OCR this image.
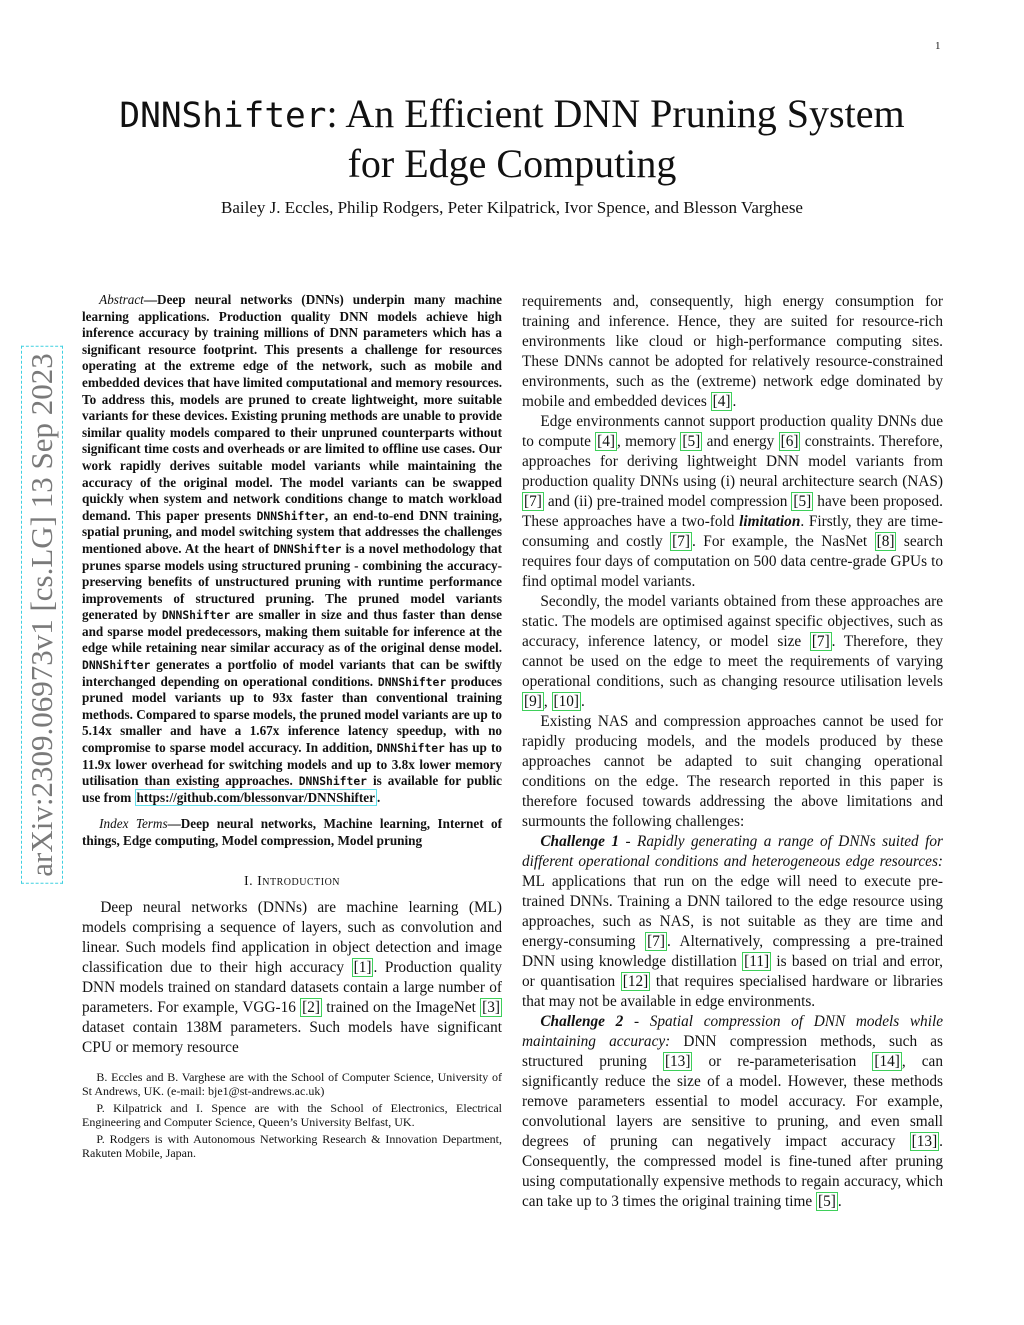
1
DNNShifter: An Efficient DNN Pruning System
for Edge Computing
Bailey J. Eccles, Philip Rodgers, Peter Kilpatrick, Ivor Spence, and Blesson Varghese
arXiv:2309.06973v1 [cs.LG] 13 Sep 2023

Abstract—Deep neural networks (DNNs) underpin many machine learning applications. Production quality DNN models achieve high inference accuracy by training millions of DNN parameters which has a significant resource footprint. This presents a challenge for resources operating at the extreme edge of the network, such as mobile and embedded devices that have limited computational and memory resources. To address this, models are pruned to create lightweight, more suitable variants for these devices. Existing pruning methods are unable to provide similar quality models compared to their unpruned counterparts without significant time costs and overheads or are limited to offline use cases. Our work rapidly derives suitable model variants while maintaining the accuracy of the original model. The model variants can be swapped quickly when system and network conditions change to match workload demand. This paper presents DNNShifter, an end-to-end DNN training, spatial pruning, and model switching system that addresses the challenges mentioned above. At the heart of DNNShifter is a novel methodology that prunes sparse models using structured pruning - combining the accuracy-preserving benefits of unstructured pruning with runtime performance improvements of structured pruning. The pruned model variants generated by DNNShifter are smaller in size and thus faster than dense and sparse model predecessors, making them suitable for inference at the edge while retaining near similar accuracy as of the original dense model. DNNShifter generates a portfolio of model variants that can be swiftly interchanged depending on operational conditions. DNNShifter produces pruned model variants up to 93x faster than conventional training methods. Compared to sparse models, the pruned model variants are up to 5.14x smaller and have a 1.67x inference latency speedup, with no compromise to sparse model accuracy. In addition, DNNShifter has up to 11.9x lower overhead for switching models and up to 3.8x lower memory utilisation than existing approaches. DNNShifter is available for public use from https://github.com/blessonvar/DNNShifter .

Index Terms—Deep neural networks, Machine learning, Internet of things, Edge computing, Model compression, Model pruning

I. Introduction

Deep neural networks (DNNs) are machine learning (ML) models comprising a sequence of layers, such as convolution and linear. Such models find application in object detection and image classification due to their high accuracy [1] . Production quality DNN models trained on standard datasets contain a large number of parameters. For example, VGG-16 [2] trained on the ImageNet [3] dataset contain 138M parameters. Such models have significant CPU or memory resource

B. Eccles and B. Varghese are with the School of Computer Science, University of St Andrews, UK. (e-mail: bje1@st-andrews.ac.uk)

P. Kilpatrick and I. Spence are with the School of Electronics, Electrical Engineering and Computer Science, Queen’s University Belfast, UK.

P. Rodgers is with Autonomous Networking Research & Innovation Department, Rakuten Mobile, Japan.

requirements and, consequently, high energy consumption for training and inference. Hence, they are suited for resource-rich environments like cloud or high-performance computing sites. These DNNs cannot be adopted for relatively resource-constrained environments, such as the (extreme) network edge dominated by mobile and embedded devices [4] .

Edge environments cannot support production quality DNNs due to compute [4] , memory [5] and energy [6] constraints. Therefore, approaches for deriving lightweight DNN model variants from production quality DNNs using (i) neural architecture search (NAS) [7] and (ii) pre-trained model compression [5] have been proposed. These approaches have a two-fold limitation. Firstly, they are time-consuming and costly [7] . For example, the NasNet [8] search requires four days of computation on 500 data centre-grade GPUs to find optimal model variants.

Secondly, the model variants obtained from these approaches are static. The models are optimised against specific objectives, such as accuracy, inference latency, or model size [7] . Therefore, they cannot be used on the edge to meet the requirements of varying operational conditions, such as changing resource utilisation levels [9] , [10] .

Existing NAS and compression approaches cannot be used for rapidly producing models, and the models produced by these approaches cannot be adapted to suit changing operational conditions on the edge. The research reported in this paper is therefore focused towards addressing the above limitations and surmounts the following challenges:

Challenge 1 - Rapidly generating a range of DNNs suited for different operational conditions and heterogeneous edge resources: ML applications that run on the edge will need to execute pre-trained DNNs. Training a DNN tailored to the edge resource using approaches, such as NAS, is not suitable as they are time and energy-consuming [7] . Alternatively, compressing a pre-trained DNN using knowledge distillation [11] is based on trial and error, or quantisation [12] that requires specialised hardware or libraries that may not be available in edge environments.

Challenge 2 - Spatial compression of DNN models while maintaining accuracy: DNN compression methods, such as structured pruning [13] or re-parameterisation [14] , can significantly reduce the size of a model. However, these methods remove parameters essential to model accuracy. For example, convolutional layers are sensitive to pruning, and even small degrees of pruning can negatively impact accuracy [13] . Consequently, the compressed model is fine-tuned after pruning using computationally expensive methods to regain accuracy, which can take up to 3 times the original training time [5] .
